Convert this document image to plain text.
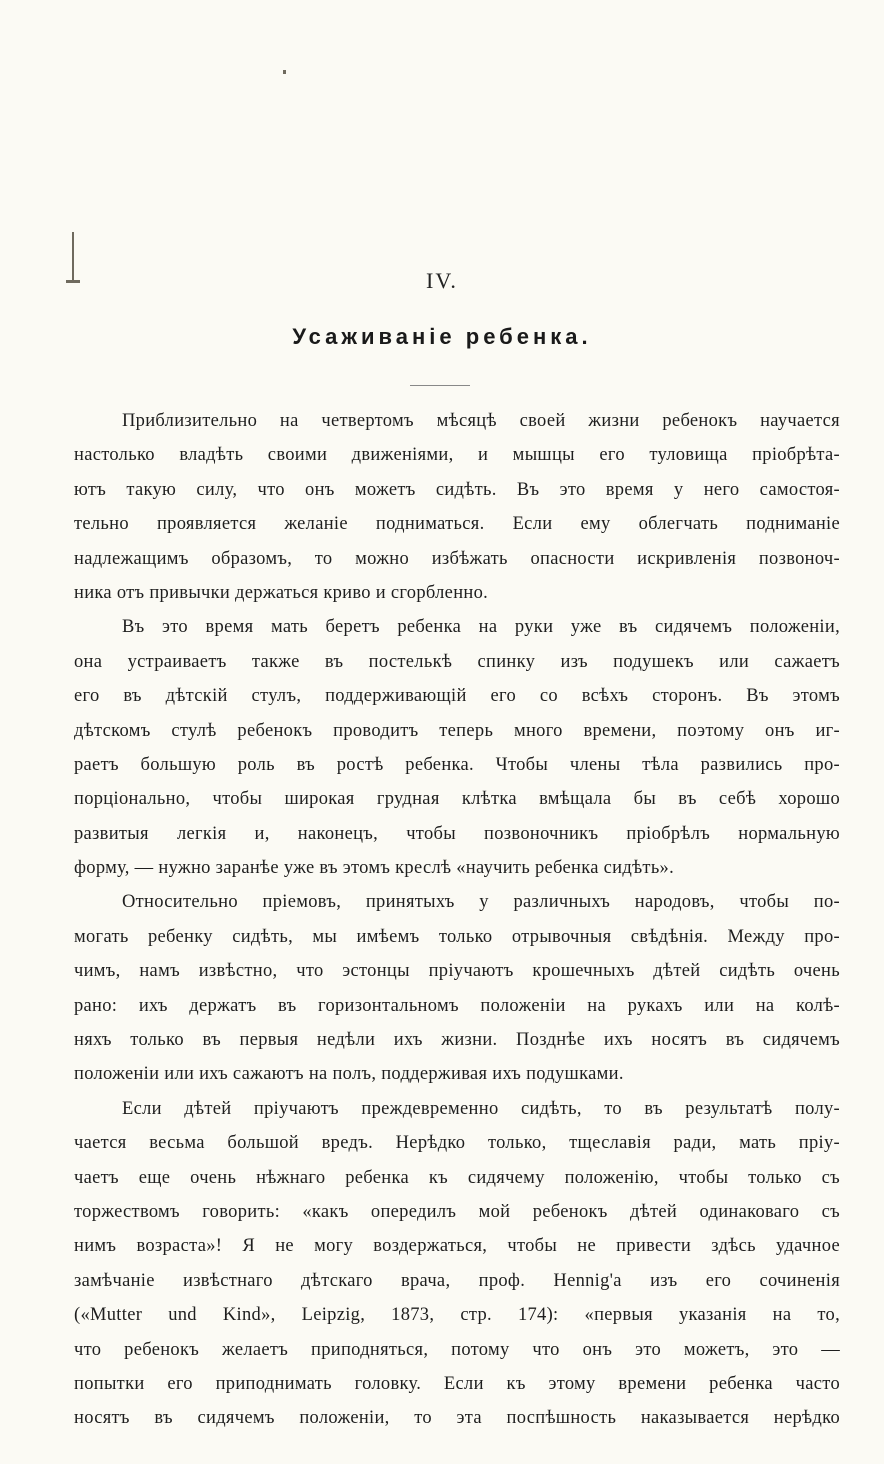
IV.
Усаживаніе ребенка.
Приблизительно на четвертомъ мѣсяцѣ своей жизни ребенокъ научается
настолько владѣть своими движеніями, и мышцы его туловища пріобрѣта-
ютъ такую силу, что онъ можетъ сидѣть. Въ это время у него самостоя-
тельно проявляется желаніе подниматься. Если ему облегчать подниманіе
надлежащимъ образомъ, то можно избѣжать опасности искривленія позвоноч-
ника отъ привычки держаться криво и сгорбленно.
Въ это время мать беретъ ребенка на руки уже въ сидячемъ положеніи,
она устраиваетъ также въ постелькѣ спинку изъ подушекъ или сажаетъ
его въ дѣтскій стулъ, поддерживающій его со всѣхъ сторонъ. Въ этомъ
дѣтскомъ стулѣ ребенокъ проводитъ теперь много времени, поэтому онъ иг-
раетъ большую роль въ ростѣ ребенка. Чтобы члены тѣла развились про-
порціонально, чтобы широкая грудная клѣтка вмѣщала бы въ себѣ хорошо
развитыя легкія и, наконецъ, чтобы позвоночникъ пріобрѣлъ нормальную
форму, — нужно заранѣе уже въ этомъ креслѣ «научить ребенка сидѣть».
Относительно пріемовъ, принятыхъ у различныхъ народовъ, чтобы по-
могать ребенку сидѣть, мы имѣемъ только отрывочныя свѣдѣнія. Между про-
чимъ, намъ извѣстно, что эстонцы пріучаютъ крошечныхъ дѣтей сидѣть очень
рано: ихъ держатъ въ горизонтальномъ положеніи на рукахъ или на колѣ-
няхъ только въ первыя недѣли ихъ жизни. Позднѣе ихъ носятъ въ сидячемъ
положеніи или ихъ сажаютъ на полъ, поддерживая ихъ подушками.
Если дѣтей пріучаютъ преждевременно сидѣть, то въ результатѣ полу-
чается весьма большой вредъ. Нерѣдко только, тщеславія ради, мать пріу-
чаетъ еще очень нѣжнаго ребенка къ сидячему положенію, чтобы только съ
торжествомъ говорить: «какъ опередилъ мой ребенокъ дѣтей одинаковаго съ
нимъ возраста»! Я не могу воздержаться, чтобы не привести здѣсь удачное
замѣчаніе извѣстнаго дѣтскаго врача, проф. Hennig'a изъ его сочиненія
(«Mutter und Kind», Leipzig, 1873, стр. 174): «первыя указанія на то,
что ребенокъ желаетъ приподняться, потому что онъ это можетъ, это —
попытки его приподнимать головку. Если къ этому времени ребенка часто
носятъ въ сидячемъ положеніи, то эта поспѣшность наказывается нерѣдко
